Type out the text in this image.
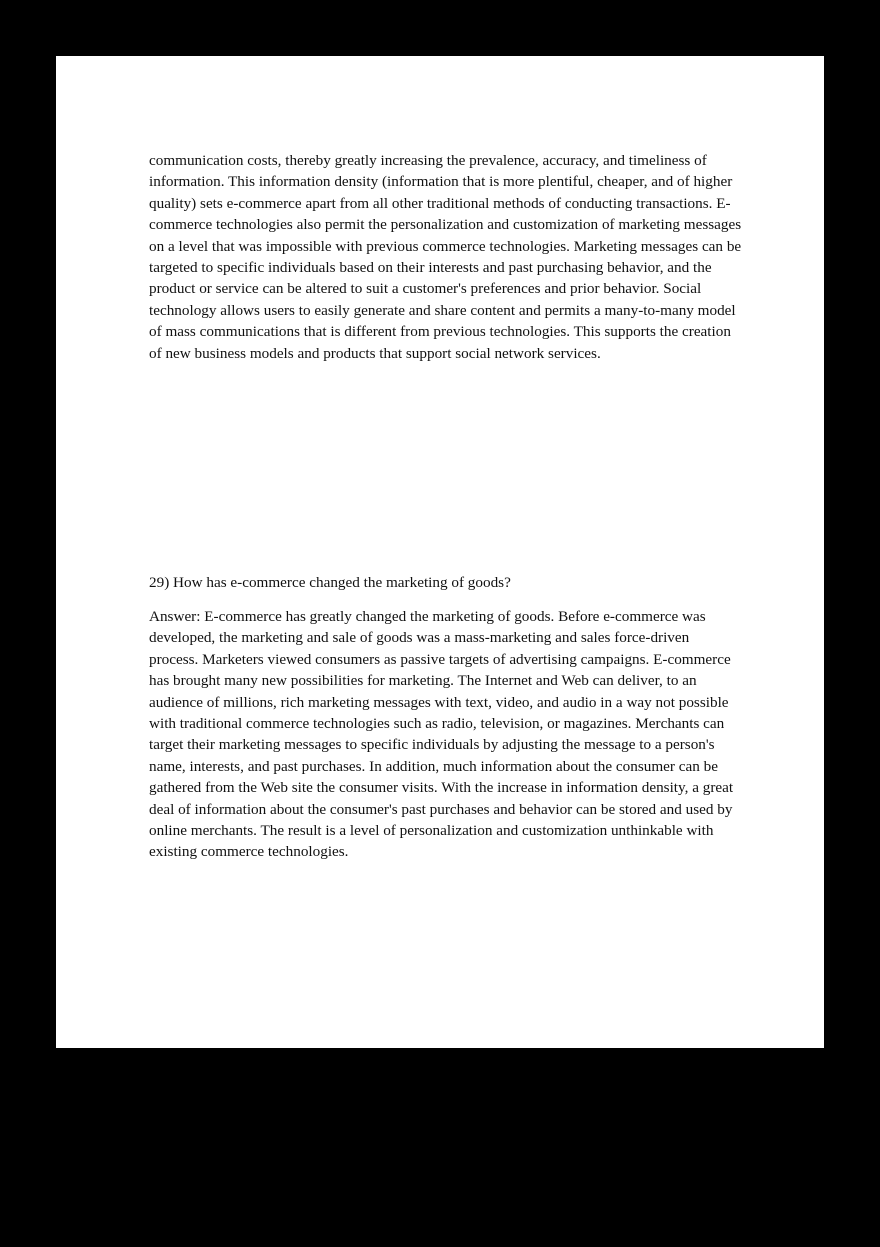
communication costs, thereby greatly increasing the prevalence, accuracy, and timeliness of
information. This information density (information that is more plentiful, cheaper, and of higher
quality) sets e-commerce apart from all other traditional methods of conducting transactions. E-
commerce technologies also permit the personalization and customization of marketing messages
on a level that was impossible with previous commerce technologies. Marketing messages can be
targeted to specific individuals based on their interests and past purchasing behavior, and the
product or service can be altered to suit a customer's preferences and prior behavior. Social
technology allows users to easily generate and share content and permits a many-to-many model
of mass communications that is different from previous technologies. This supports the creation
of new business models and products that support social network services.
29) How has e-commerce changed the marketing of goods?
Answer: E-commerce has greatly changed the marketing of goods. Before e-commerce was
developed, the marketing and sale of goods was a mass-marketing and sales force-driven
process. Marketers viewed consumers as passive targets of advertising campaigns. E-commerce
has brought many new possibilities for marketing. The Internet and Web can deliver, to an
audience of millions, rich marketing messages with text, video, and audio in a way not possible
with traditional commerce technologies such as radio, television, or magazines. Merchants can
target their marketing messages to specific individuals by adjusting the message to a person's
name, interests, and past purchases. In addition, much information about the consumer can be
gathered from the Web site the consumer visits. With the increase in information density, a great
deal of information about the consumer's past purchases and behavior can be stored and used by
online merchants. The result is a level of personalization and customization unthinkable with
existing commerce technologies.
